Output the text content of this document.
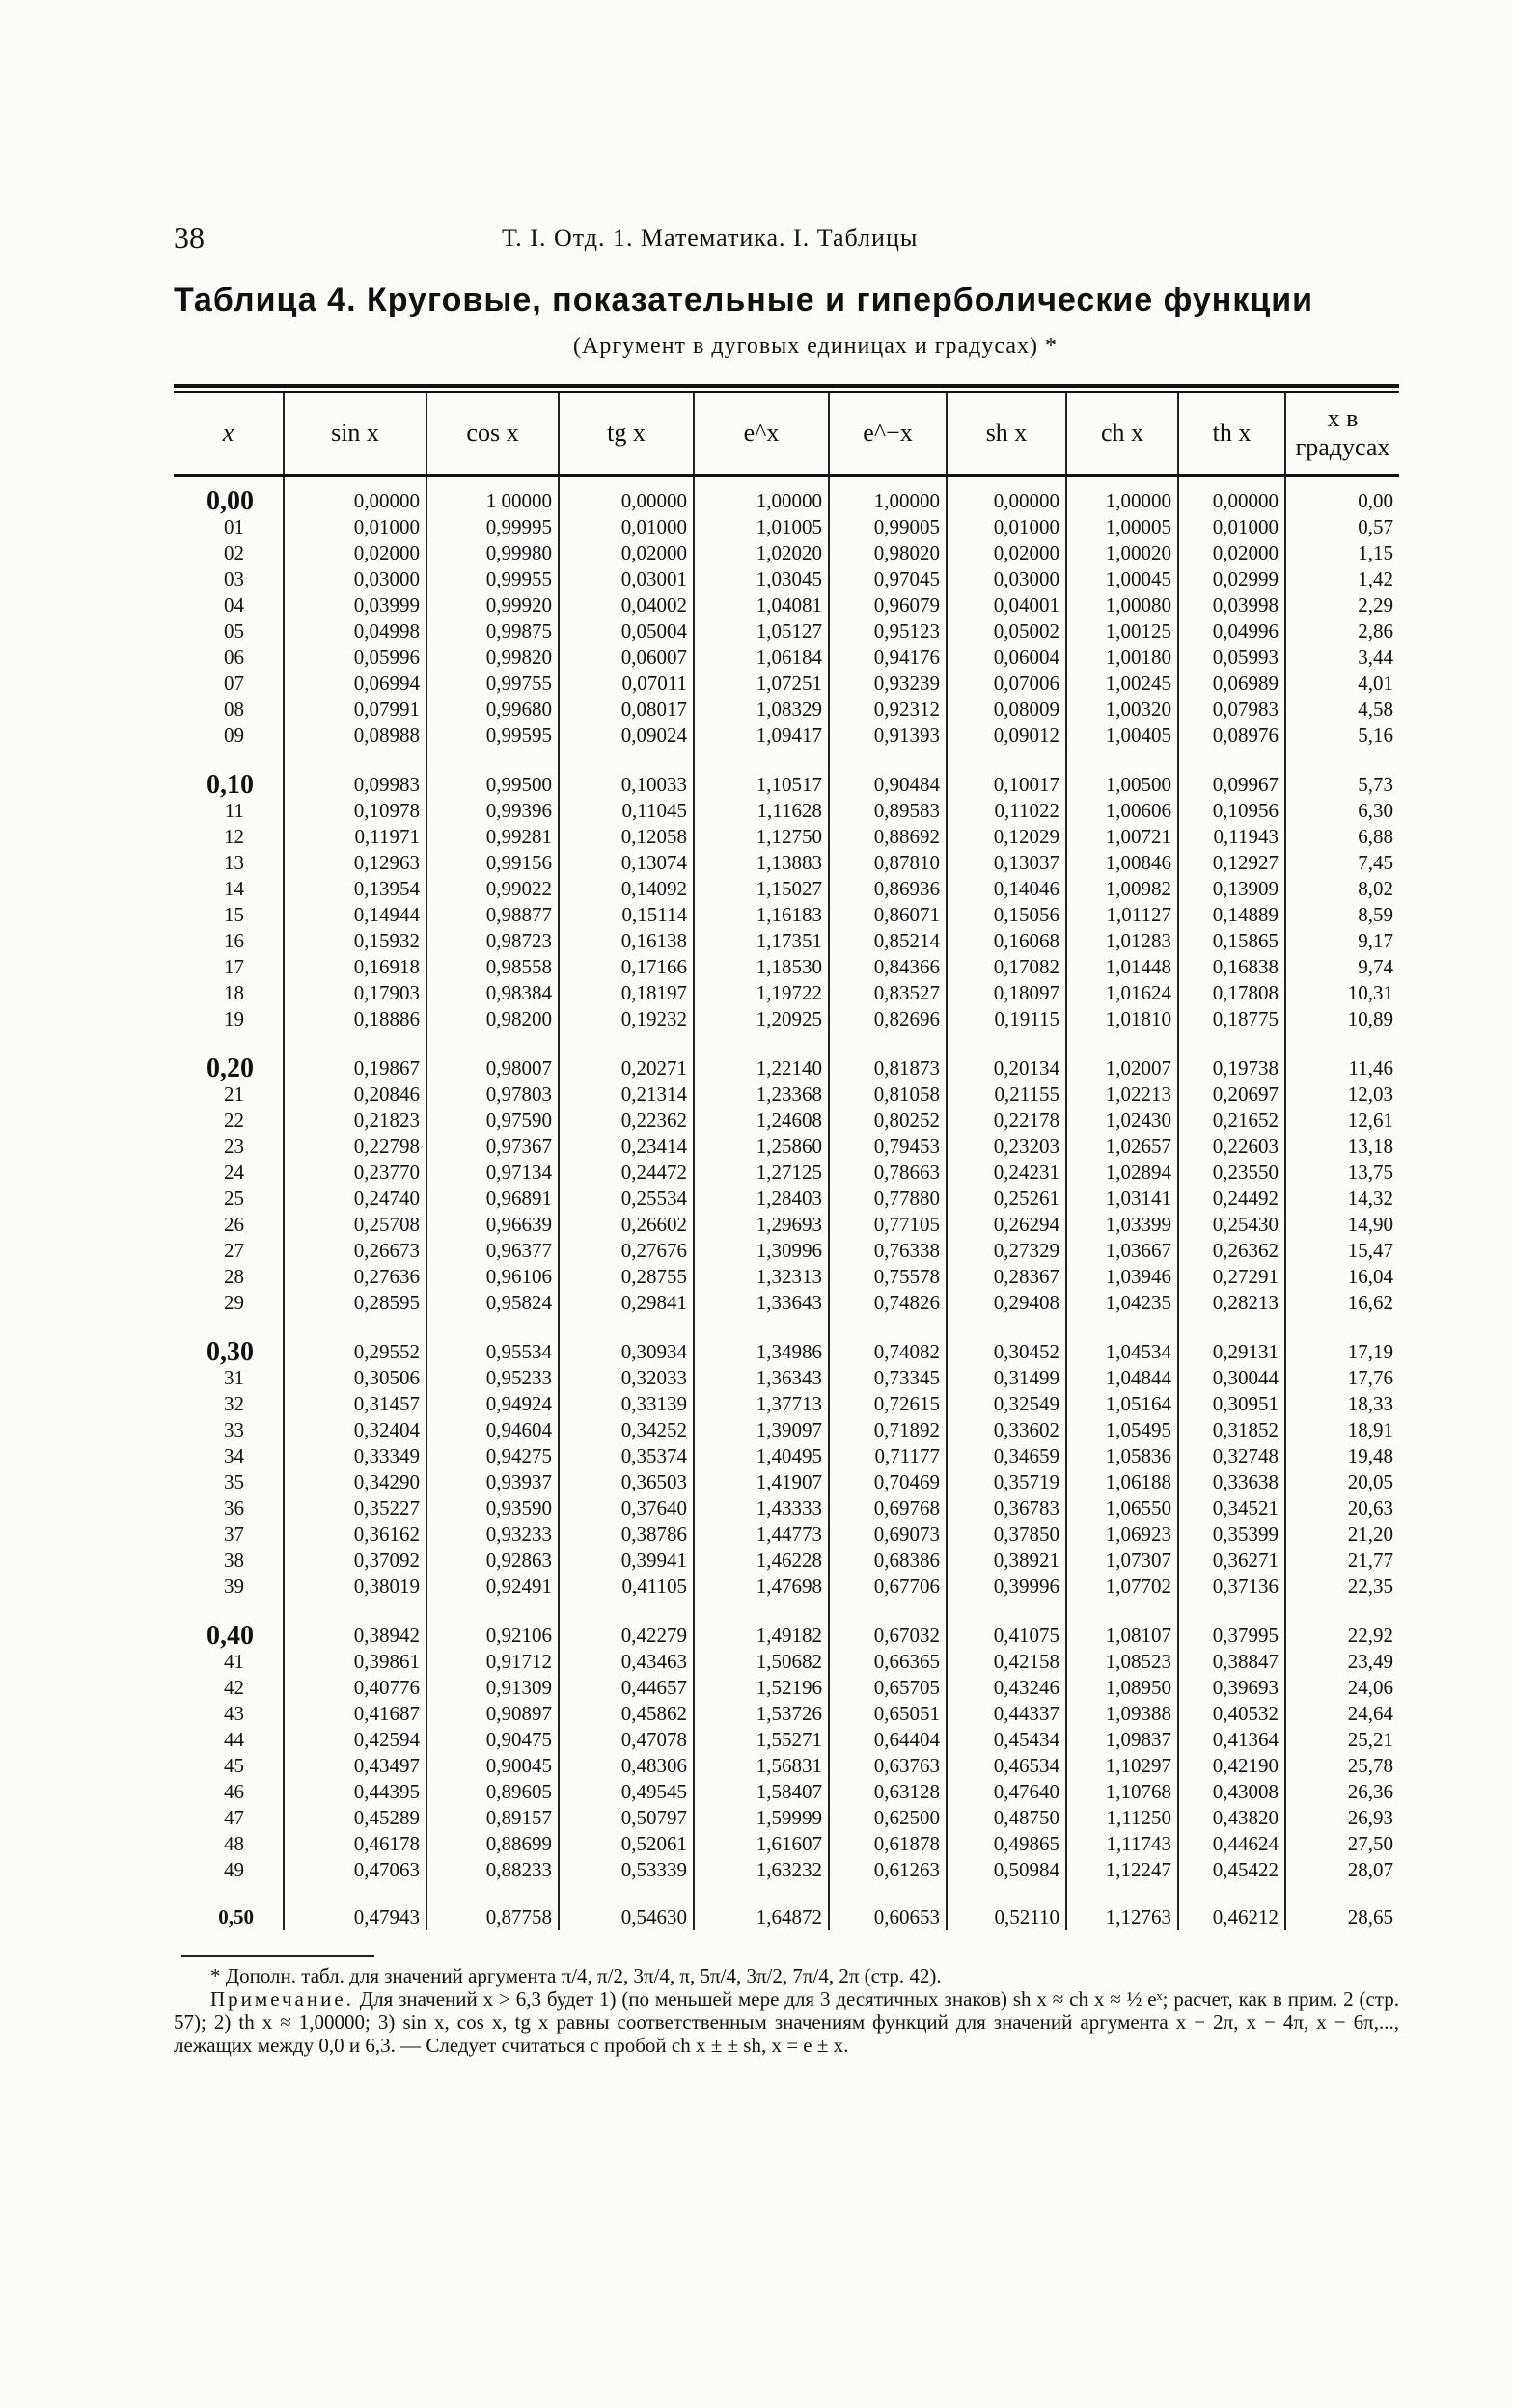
38	Т. I. Отд. 1. Математика. I. Таблицы
Таблица 4. Круговые, показательные и гиперболические функции
(Аргумент в дуговых единицах и градусах) *
x	sin x	cos x	tg x	e^x	e^−x	sh x	ch x	th x	x в градусах
0,00	0,00000	1 00000	0,00000	1,00000	1,00000	0,00000	1,00000	0,00000	0,00
01	0,01000	0,99995	0,01000	1,01005	0,99005	0,01000	1,00005	0,01000	0,57
02	0,02000	0,99980	0,02000	1,02020	0,98020	0,02000	1,00020	0,02000	1,15
03	0,03000	0,99955	0,03001	1,03045	0,97045	0,03000	1,00045	0,02999	1,42
04	0,03999	0,99920	0,04002	1,04081	0,96079	0,04001	1,00080	0,03998	2,29
05	0,04998	0,99875	0,05004	1,05127	0,95123	0,05002	1,00125	0,04996	2,86
06	0,05996	0,99820	0,06007	1,06184	0,94176	0,06004	1,00180	0,05993	3,44
07	0,06994	0,99755	0,07011	1,07251	0,93239	0,07006	1,00245	0,06989	4,01
08	0,07991	0,99680	0,08017	1,08329	0,92312	0,08009	1,00320	0,07983	4,58
09	0,08988	0,99595	0,09024	1,09417	0,91393	0,09012	1,00405	0,08976	5,16
0,10	0,09983	0,99500	0,10033	1,10517	0,90484	0,10017	1,00500	0,09967	5,73
11	0,10978	0,99396	0,11045	1,11628	0,89583	0,11022	1,00606	0,10956	6,30
12	0,11971	0,99281	0,12058	1,12750	0,88692	0,12029	1,00721	0,11943	6,88
13	0,12963	0,99156	0,13074	1,13883	0,87810	0,13037	1,00846	0,12927	7,45
14	0,13954	0,99022	0,14092	1,15027	0,86936	0,14046	1,00982	0,13909	8,02
15	0,14944	0,98877	0,15114	1,16183	0,86071	0,15056	1,01127	0,14889	8,59
16	0,15932	0,98723	0,16138	1,17351	0,85214	0,16068	1,01283	0,15865	9,17
17	0,16918	0,98558	0,17166	1,18530	0,84366	0,17082	1,01448	0,16838	9,74
18	0,17903	0,98384	0,18197	1,19722	0,83527	0,18097	1,01624	0,17808	10,31
19	0,18886	0,98200	0,19232	1,20925	0,82696	0,19115	1,01810	0,18775	10,89
0,20	0,19867	0,98007	0,20271	1,22140	0,81873	0,20134	1,02007	0,19738	11,46
21	0,20846	0,97803	0,21314	1,23368	0,81058	0,21155	1,02213	0,20697	12,03
22	0,21823	0,97590	0,22362	1,24608	0,80252	0,22178	1,02430	0,21652	12,61
23	0,22798	0,97367	0,23414	1,25860	0,79453	0,23203	1,02657	0,22603	13,18
24	0,23770	0,97134	0,24472	1,27125	0,78663	0,24231	1,02894	0,23550	13,75
25	0,24740	0,96891	0,25534	1,28403	0,77880	0,25261	1,03141	0,24492	14,32
26	0,25708	0,96639	0,26602	1,29693	0,77105	0,26294	1,03399	0,25430	14,90
27	0,26673	0,96377	0,27676	1,30996	0,76338	0,27329	1,03667	0,26362	15,47
28	0,27636	0,96106	0,28755	1,32313	0,75578	0,28367	1,03946	0,27291	16,04
29	0,28595	0,95824	0,29841	1,33643	0,74826	0,29408	1,04235	0,28213	16,62
0,30	0,29552	0,95534	0,30934	1,34986	0,74082	0,30452	1,04534	0,29131	17,19
31	0,30506	0,95233	0,32033	1,36343	0,73345	0,31499	1,04844	0,30044	17,76
32	0,31457	0,94924	0,33139	1,37713	0,72615	0,32549	1,05164	0,30951	18,33
33	0,32404	0,94604	0,34252	1,39097	0,71892	0,33602	1,05495	0,31852	18,91
34	0,33349	0,94275	0,35374	1,40495	0,71177	0,34659	1,05836	0,32748	19,48
35	0,34290	0,93937	0,36503	1,41907	0,70469	0,35719	1,06188	0,33638	20,05
36	0,35227	0,93590	0,37640	1,43333	0,69768	0,36783	1,06550	0,34521	20,63
37	0,36162	0,93233	0,38786	1,44773	0,69073	0,37850	1,06923	0,35399	21,20
38	0,37092	0,92863	0,39941	1,46228	0,68386	0,38921	1,07307	0,36271	21,77
39	0,38019	0,92491	0,41105	1,47698	0,67706	0,39996	1,07702	0,37136	22,35
0,40	0,38942	0,92106	0,42279	1,49182	0,67032	0,41075	1,08107	0,37995	22,92
41	0,39861	0,91712	0,43463	1,50682	0,66365	0,42158	1,08523	0,38847	23,49
42	0,40776	0,91309	0,44657	1,52196	0,65705	0,43246	1,08950	0,39693	24,06
43	0,41687	0,90897	0,45862	1,53726	0,65051	0,44337	1,09388	0,40532	24,64
44	0,42594	0,90475	0,47078	1,55271	0,64404	0,45434	1,09837	0,41364	25,21
45	0,43497	0,90045	0,48306	1,56831	0,63763	0,46534	1,10297	0,42190	25,78
46	0,44395	0,89605	0,49545	1,58407	0,63128	0,47640	1,10768	0,43008	26,36
47	0,45289	0,89157	0,50797	1,59999	0,62500	0,48750	1,11250	0,43820	26,93
48	0,46178	0,88699	0,52061	1,61607	0,61878	0,49865	1,11743	0,44624	27,50
49	0,47063	0,88233	0,53339	1,63232	0,61263	0,50984	1,12247	0,45422	28,07
0,50	0,47943	0,87758	0,54630	1,64872	0,60653	0,52110	1,12763	0,46212	28,65

* Дополн. табл. для значений аргумента π/4, π/2, 3π/4, π, 5π/4, 3π/2, 7π/4, 2π (стр. 42).

Примечание. Для значений x > 6,3 будет 1) (по меньшей мере для 3 десятичных знаков) sh x ≈ ch x ≈ ½ eˣ; расчет, как в прим. 2 (стр. 57); 2) th x ≈ 1,00000; 3) sin x, cos x, tg x равны соответственным значениям функций для значений аргумента x − 2π, x − 4π, x − 6π,..., лежащих между 0,0 и 6,3. — Следует считаться с пробой ch x ± ± sh, x = e ± x.
